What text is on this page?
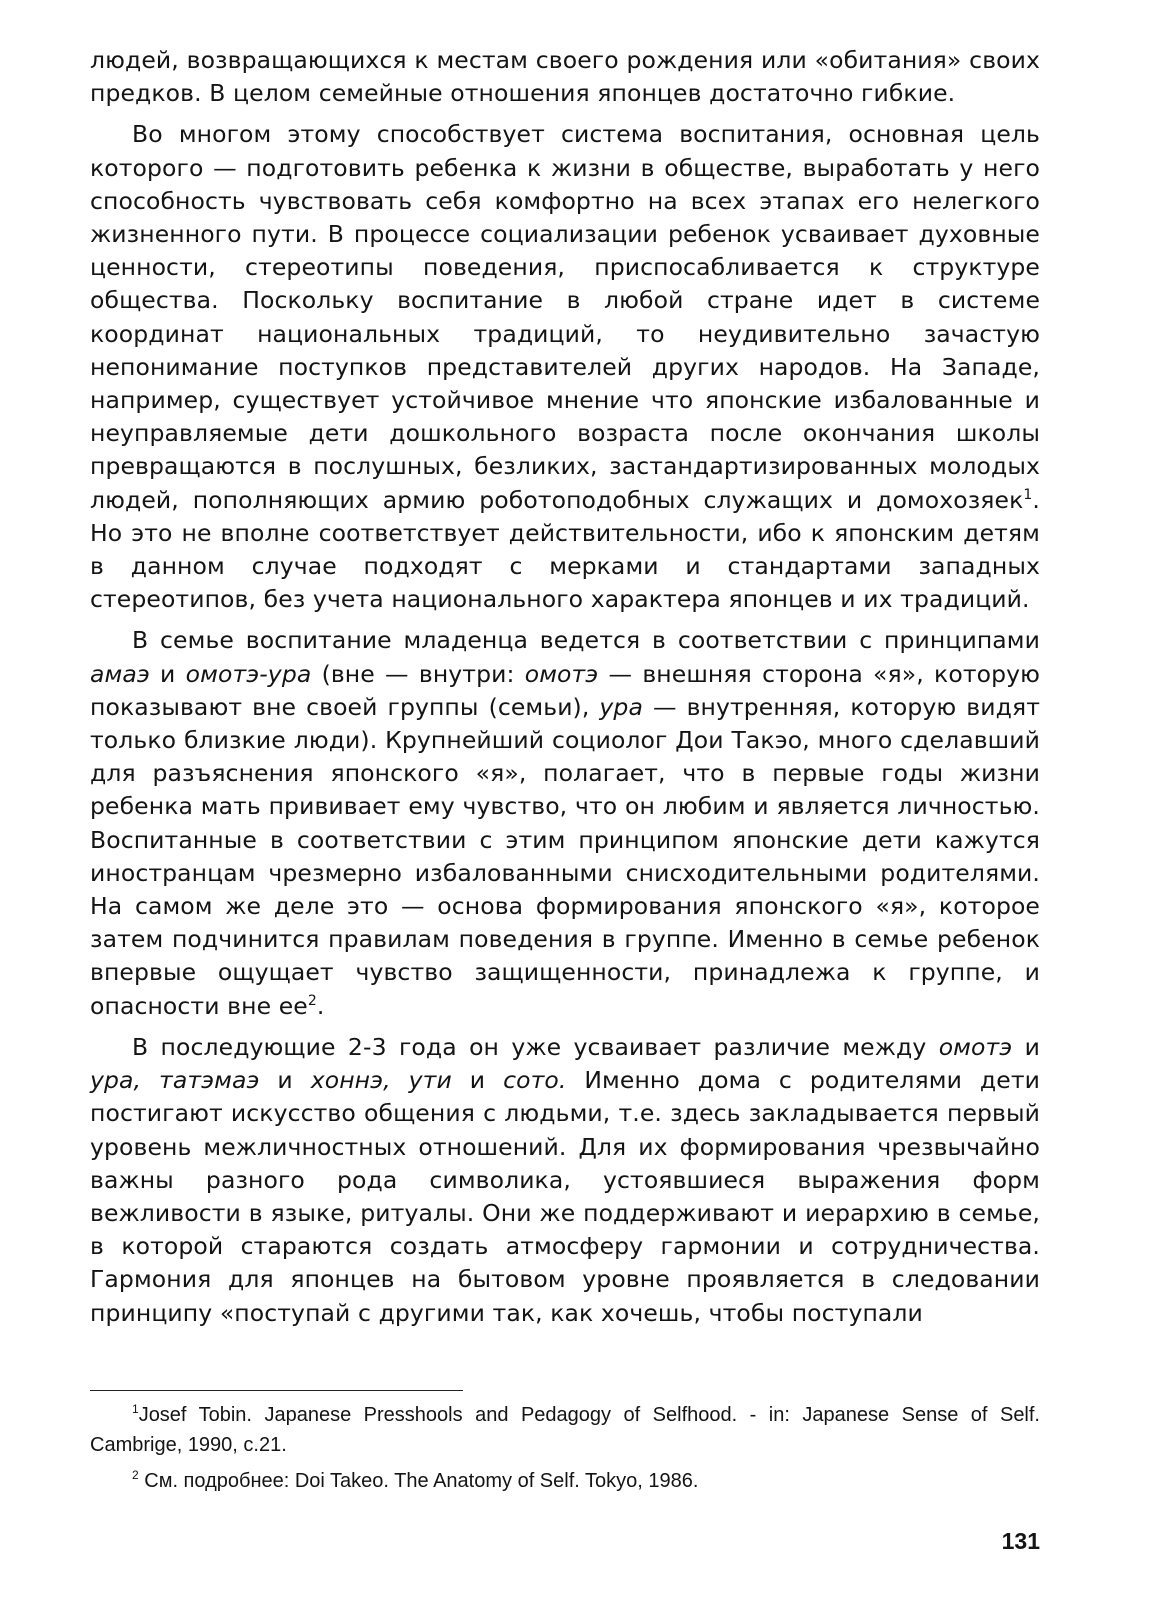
людей, возвращающихся к местам своего рождения или «обитания» своих предков. В целом семейные отношения японцев достаточно гибкие.

Во многом этому способствует система воспитания, основная цель которого — подготовить ребенка к жизни в обществе, выработать у него способность чувствовать себя комфортно на всех этапах его нелегкого жизненного пути. В процессе социализации ребенок усваивает духовные ценности, стереотипы поведения, приспосабливается к структуре общества. Поскольку воспитание в любой стране идет в системе координат национальных традиций, то неудивительно зачастую непонимание поступков представителей других народов. На Западе, например, существует устойчивое мнение что японские избалованные и неуправляемые дети дошкольного возраста после окончания школы превращаются в послушных, безликих, застандартизированных молодых людей, пополняющих армию роботоподобных служащих и домохозяек$^1$. Но это не вполне соответствует действительности, ибо к японским детям в данном случае подходят с мерками и стандартами западных стереотипов, без учета национального характера японцев и их традиций.

В семье воспитание младенца ведется в соответствии с принципами амаэ и омотэ-ура (вне — внутри: омотэ — внешняя сторона «я», которую показывают вне своей группы (семьи), ура — внутренняя, которую видят только близкие люди). Крупнейший социолог Дои Такэо, много сделавший для разъяснения японского «я», полагает, что в первые годы жизни ребенка мать прививает ему чувство, что он любим и является личностью. Воспитанные в соответствии с этим принципом японские дети кажутся иностранцам чрезмерно избалованными снисходительными родителями. На самом же деле это — основа формирования японского «я», которое затем подчинится правилам поведения в группе. Именно в семье ребенок впервые ощущает чувство защищенности, принадлежа к группе, и опасности вне $ее^2$.

В последующие 2-3 года он уже усваивает различие между омотэ и ура, татэмаэ и хоннэ, ути и сото. Именно дома с родителями дети постигают искусство общения с людьми, т.е. здесь закладывается первый уровень межличностных отношений. Для их формирования чрезвычайно важны разного рода символика, устоявшиеся выражения форм вежливости в языке, ритуалы. Они же поддерживают и иерархию в семье, в которой стараются создать атмосферу гармонии и сотрудничества. Гармония для японцев на бытовом уровне проявляется в следовании принципу «поступай с другими так, как хочешь, чтобы поступали

$^1$Josef Tobin. Japanese Presshools and Pedagogy of Selfhood. - in: Japanese Sense of Self. Cambrige, 1990, с.21.

$^2$ См. подробнее: Doi Takeo. The Anatomy of Self. Tokyo, 1986.

131
